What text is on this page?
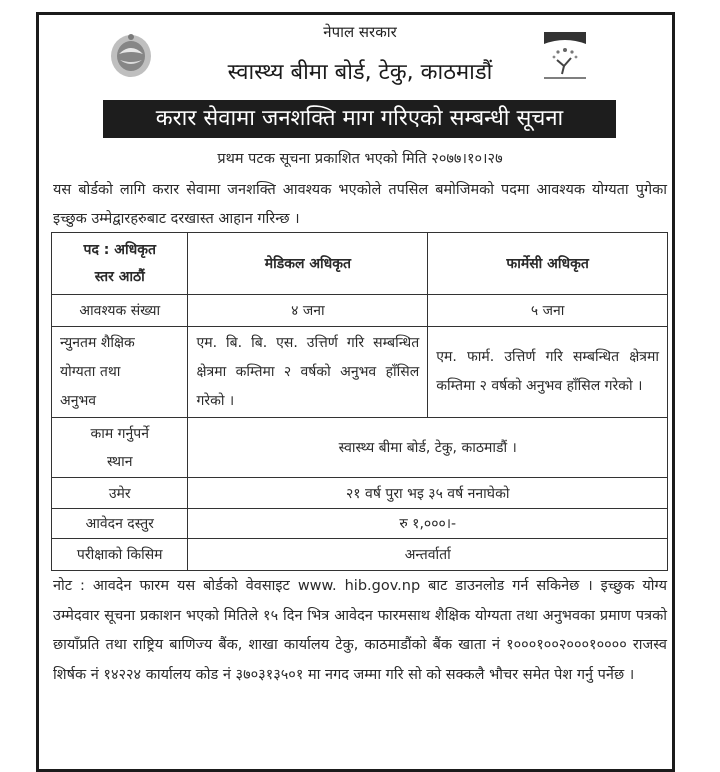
नेपाल सरकार
स्वास्थ्य बीमा बोर्ड, टेकु, काठमाडौं
करार सेवामा जनशक्ति माग गरिएको सम्बन्धी सूचना
प्रथम पटक सूचना प्रकाशित भएको मिति २०७७।१०।२७
यस बोर्डको लागि करार सेवामा जनशक्ति आवश्यक भएकोले तपसिल बमोजिमको पदमा आवश्यक योग्यता पुगेका इच्छुक उम्मेद्वारहरुबाट दरखास्त आहान गरिन्छ ।
पद : अधिकृत
स्तर आठौं	मेडिकल अधिकृत	फार्मेसी अधिकृत
आवश्यक संख्या	४ जना	५ जना

न्युनतम शैक्षिक
योग्यता तथा
अनुभव	एम. बि. बि. एस. उत्तिर्ण गरि सम्बन्धित क्षेत्रमा कम्तिमा २ वर्षको अनुभव हाँसिल गरेको ।	एम. फार्म. उत्तिर्ण गरि सम्बन्धित क्षेत्रमा कम्तिमा २ वर्षको अनुभव हाँसिल गरेको ।

काम गर्नुपर्ने
स्थान	स्वास्थ्य बीमा बोर्ड, टेकु, काठमाडौं ।	
उमेर	२१ वर्ष पुरा भइ ३५ वर्ष ननाघेको	
आवेदन दस्तुर	रु १,०००।-	
परीक्षाको किसिम	अन्तर्वार्ता	
नोट : आवदेन फारम यस बोर्डको वेवसाइट www. hib.gov.np बाट डाउनलोड गर्न सकिनेछ । इच्छुक योग्य उम्मेदवार सूचना प्रकाशन भएको मितिले १५ दिन भित्र आवेदन फारमसाथ शैक्षिक योग्यता तथा अनुभवका प्रमाण पत्रको छायाँप्रति तथा राष्ट्रिय बाणिज्य बैंक, शाखा कार्यालय टेकु, काठमाडौंको बैंक खाता नं १०००१००२०००१०००० राजस्व शिर्षक नं १४२२४ कार्यालय कोड नं ३७०३१३५०१ मा नगद जम्मा गरि सो को सक्कलै भौचर समेत पेश गर्नु पर्नेछ ।
